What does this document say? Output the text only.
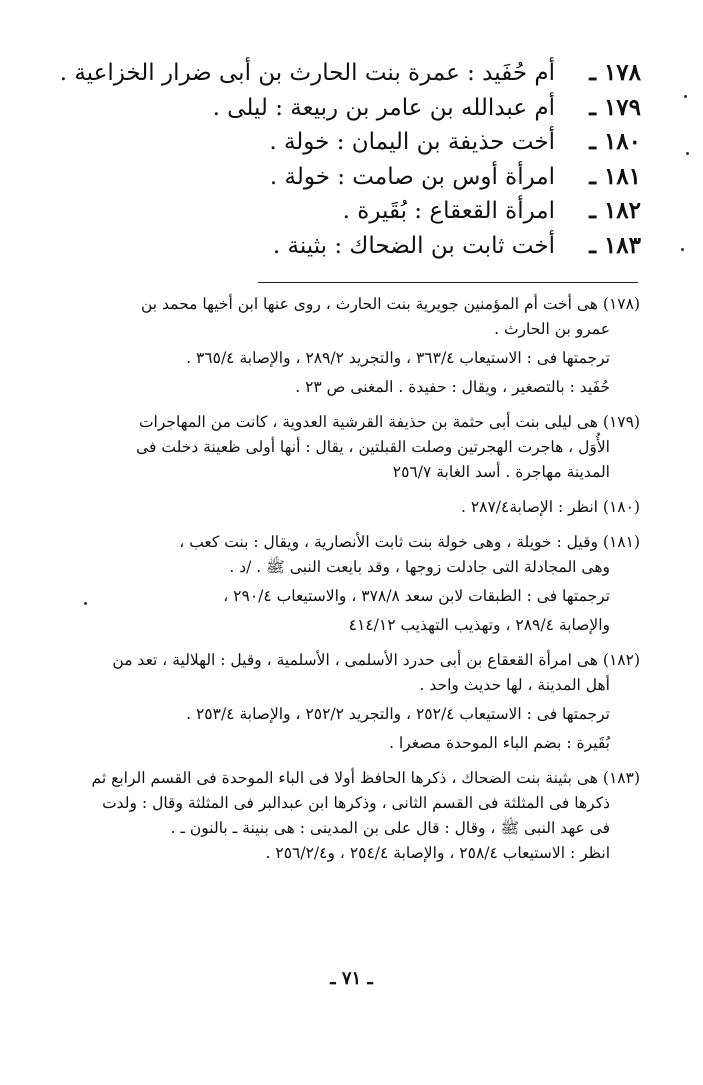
١٧٨ ـ
أم حُفَيد : عمرة بنت الحارث بن أبى ضرار الخزاعية .
١٧٩ ـ
أم عبدالله بن عامر بن ربيعة : ليلى .
١٨٠ ـ
أخت حذيفة بن اليمان : خولة .
١٨١ ـ
امرأة أوس بن صامت : خولة .
١٨٢ ـ
امرأة القعقاع : بُقَيرة .
١٨٣ ـ
أخت ثابت بن الضحاك : بثينة .

(١٧٨) هى أخت أم المؤمنين جويرية بنت الحارث ، روى عنها ابن أخيها محمد بن

عمرو بن الحارث .

ترجمتها فى : الاستيعاب ٣٦٣/٤ ، والتجريد ٢٨٩/٢ ، والإصابة ٣٦٥/٤ .

حُفَيد : بالتصغير ، ويقال : حفيدة . المغنى ص ٢٣ .

(١٧٩) هى ليلى بنت أبى حثمة بن حذيفة القرشية العدوية ، كانت من المهاجرات

الأُوَل ، هاجرت الهجرتين وصلت القبلتين ، يقال : أنها أولى ظعينة دخلت فى

المدينة مهاجرة . أسد الغابة ٢٥٦/٧

(١٨٠) انظر : الإصابة٢٨٧/٤ .

(١٨١) وقيل : خويلة ، وهى خولة بنت ثابت الأنصارية ، ويقال : بنت كعب ،

وهى المجادلة التى جادلت زوجها ، وقد بايعت النبى ﷺ . /د .

ترجمتها فى : الطبقات لابن سعد ٣٧٨/٨ ، والاستيعاب ٢٩٠/٤ ،

والإصابة ٢٨٩/٤ ، وتهذيب التهذيب ٤١٤/١٢

(١٨٢) هى امرأة القعقاع بن أبى حدرد الأسلمى ، الأسلمية ، وقيل : الهلالية ، تعد من

أهل المدينة ، لها حديث واحد .

ترجمتها فى : الاستيعاب ٢٥٢/٤ ، والتجريد ٢٥٢/٢ ، والإصابة ٢٥٣/٤ .

بُقَيرة : بضم الباء الموحدة مصغرا .

(١٨٣) هى بثينة بنت الضحاك ، ذكرها الحافظ أولا فى الباء الموحدة فى القسم الرابع ثم

ذكرها فى المثلثة فى القسم الثانى ، وذكرها ابن عبدالبر فى المثلثة وقال : ولدت

فى عهد النبى ﷺ ، وقال : قال على بن المدينى : هى بنينة ـ بالنون ـ .

انظر : الاستيعاب ٢٥٨/٤ ، والإصابة ٢٥٤/٤ ، و٢٥٦/٢/٤ .

ـ ٧١ ـ
